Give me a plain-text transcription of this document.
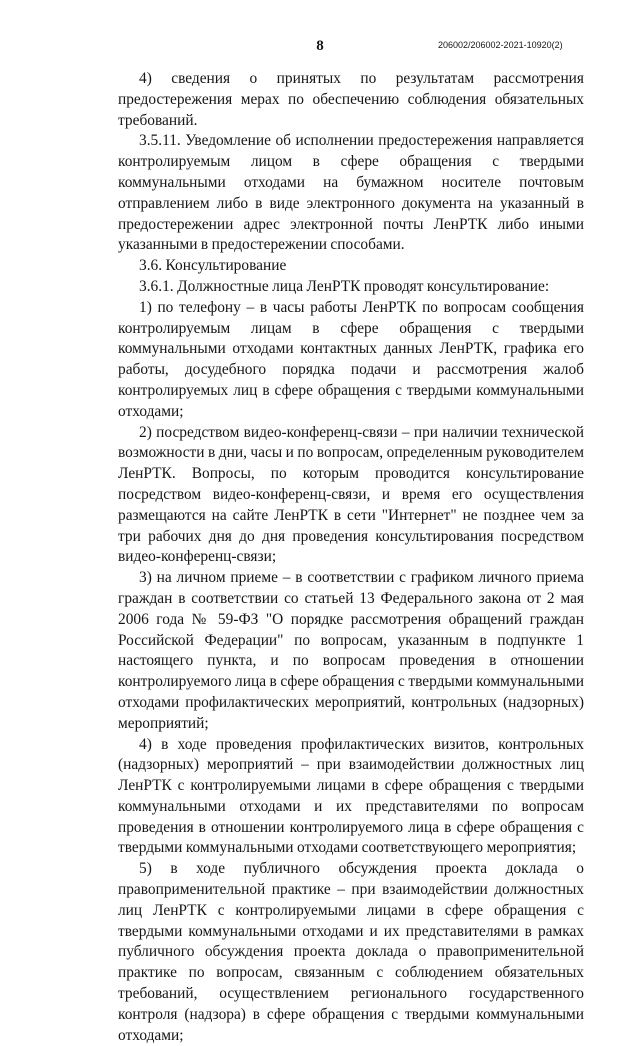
8	206002/206002-2021-10920(2)

4) сведения о принятых по результатам рассмотрения предостережения мерах по обеспечению соблюдения обязательных требований.

3.5.11. Уведомление об исполнении предостережения направляется контролируемым лицом в сфере обращения с твердыми коммунальными отходами на бумажном носителе почтовым отправлением либо в виде электронного документа на указанный в предостережении адрес электронной почты ЛенРТК либо иными указанными в предостережении способами.

3.6. Консультирование

3.6.1. Должностные лица ЛенРТК проводят консультирование:

1) по телефону – в часы работы ЛенРТК по вопросам сообщения контролируемым лицам в сфере обращения с твердыми коммунальными отходами контактных данных ЛенРТК, графика его работы, досудебного порядка подачи и рассмотрения жалоб контролируемых лиц в сфере обращения с твердыми коммунальными отходами;

2) посредством видео-конференц-связи – при наличии технической возможности в дни, часы и по вопросам, определенным руководителем ЛенРТК. Вопросы, по которым проводится консультирование посредством видео-конференц-связи, и время его осуществления размещаются на сайте ЛенРТК в сети "Интернет" не позднее чем за три рабочих дня до дня проведения консультирования посредством видео-конференц-связи;

3) на личном приеме – в соответствии с графиком личного приема граждан в соответствии со статьей 13 Федерального закона от 2 мая 2006 года № 59-ФЗ "О порядке рассмотрения обращений граждан Российской Федерации" по вопросам, указанным в подпункте 1 настоящего пункта, и по вопросам проведения в отношении контролируемого лица в сфере обращения с твердыми коммунальными отходами профилактических мероприятий, контрольных (надзорных) мероприятий;

4) в ходе проведения профилактических визитов, контрольных (надзорных) мероприятий – при взаимодействии должностных лиц ЛенРТК с контролируемыми лицами в сфере обращения с твердыми коммунальными отходами и их представителями по вопросам проведения в отношении контролируемого лица в сфере обращения с твердыми коммунальными отходами соответствующего мероприятия;

5) в ходе публичного обсуждения проекта доклада о правоприменительной практике – при взаимодействии должностных лиц ЛенРТК с контролируемыми лицами в сфере обращения с твердыми коммунальными отходами и их представителями в рамках публичного обсуждения проекта доклада о правоприменительной практике по вопросам, связанным с соблюдением обязательных требований, осуществлением регионального государственного контроля (надзора) в сфере обращения с твердыми коммунальными отходами;
